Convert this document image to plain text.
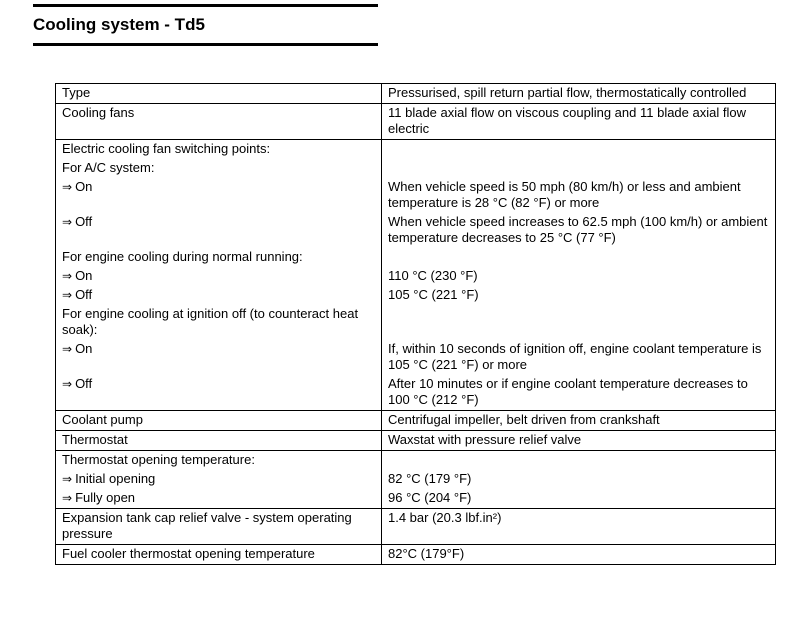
Cooling system - Td5
Type	Pressurised, spill return partial flow, thermostatically controlled
Cooling fans	11 blade axial flow on viscous coupling and 11 blade axial flow electric
Electric cooling fan switching points:	
For A/C system:	
⇒ On	When vehicle speed is 50 mph (80 km/h) or less and ambient temperature is 28 °C (82 °F) or more
⇒ Off	When vehicle speed increases to 62.5 mph (100 km/h) or ambient temperature decreases to 25 °C (77 °F)
For engine cooling during normal running:	
⇒ On	110 °C (230 °F)
⇒ Off	105 °C (221 °F)
For engine cooling at ignition off (to counteract heat soak):	
⇒ On	If, within 10 seconds of ignition off, engine coolant temperature is 105 °C (221 °F) or more
⇒ Off	After 10 minutes or if engine coolant temperature decreases to 100 °C (212 °F)
Coolant pump	Centrifugal impeller, belt driven from crankshaft
Thermostat	Waxstat with pressure relief valve
Thermostat opening temperature:	
⇒ Initial opening	82 °C (179 °F)
⇒ Fully open	96 °C (204 °F)
Expansion tank cap relief valve - system operating pressure	1.4 bar (20.3 lbf.in²)
Fuel cooler thermostat opening temperature	82°C (179°F)
